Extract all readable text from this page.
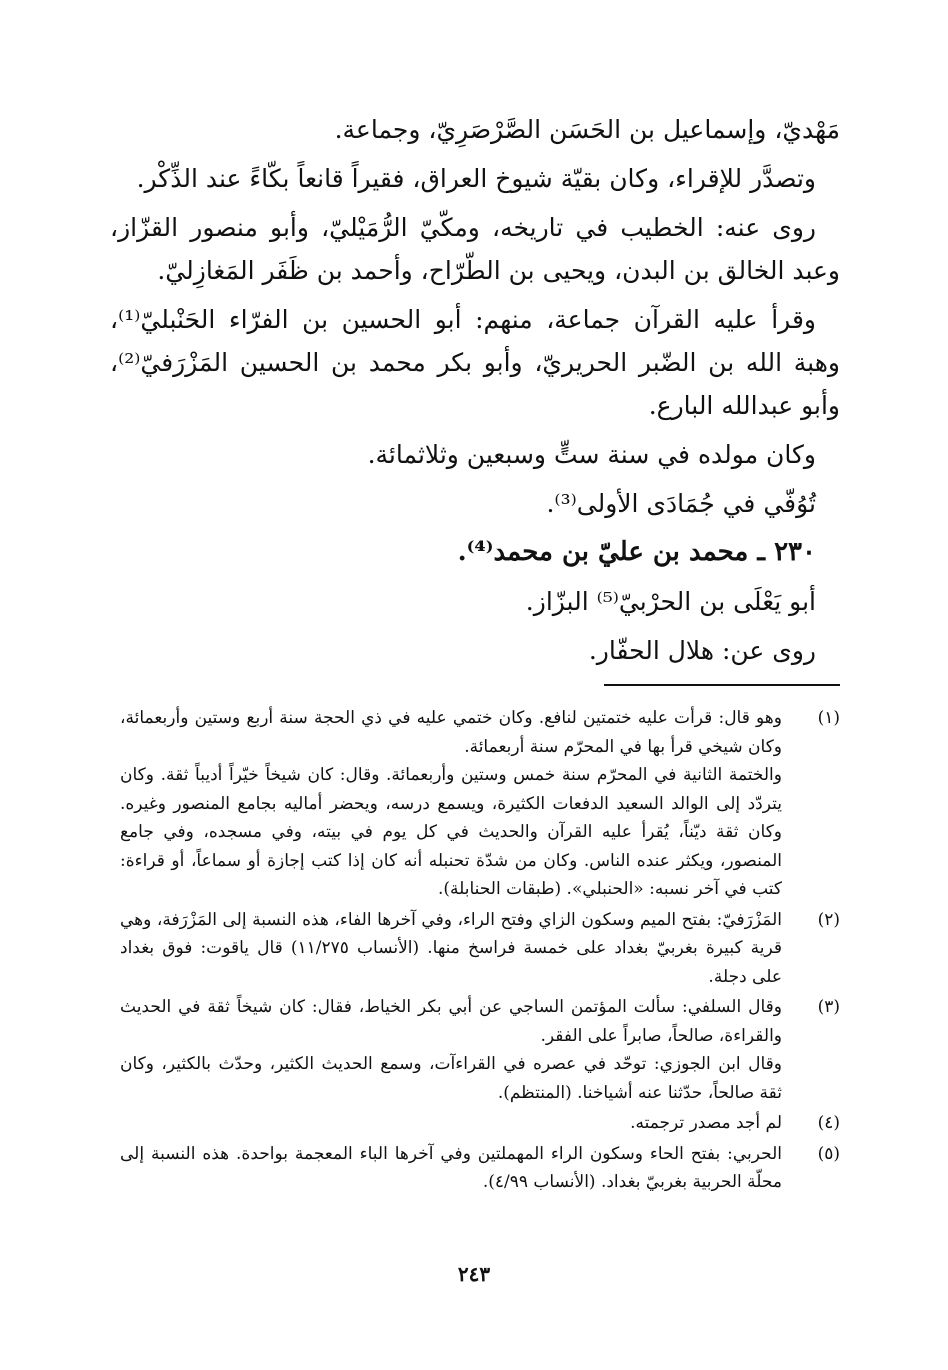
مَهْديّ، وإسماعيل بن الحَسَن الصَّرْصَرِيّ، وجماعة.

وتصدَّر للإقراء، وكان بقيّة شيوخ العراق، فقيراً قانعاً بكّاءً عند الذِّكْر.

روى عنه: الخطيب في تاريخه، ومكّيّ الرُّمَيْليّ، وأبو منصور القزّاز، وعبد الخالق بن البدن، ويحيى بن الطّرّاح، وأحمد بن ظَفَر المَغازِليّ.

وقرأ عليه القرآن جماعة، منهم: أبو الحسين بن الفرّاء الحَنْبليّ⁽¹⁾، وهبة الله بن الضّبر الحريريّ، وأبو بكر محمد بن الحسين المَزْرَفيّ⁽²⁾، وأبو عبدالله البارع.

وكان مولده في سنة ستٍّ وسبعين وثلاثمائة.

تُوُفّي في جُمَادَى الأولى⁽³⁾.

٢٣٠ ـ محمد بن عليّ بن محمد⁽⁴⁾.

أبو يَعْلَى بن الحرْبيّ⁽⁵⁾ البزّاز.

روى عن: هلال الحفّار.

(١)

وهو قال: قرأت عليه ختمتين لنافع. وكان ختمي عليه في ذي الحجة سنة أربع وستين وأربعمائة، وكان شيخي قرأ بها في المحرّم سنة أربعمائة.

والختمة الثانية في المحرّم سنة خمس وستين وأربعمائة. وقال: كان شيخاً خيّراً أديباً ثقة. وكان يتردّد إلى الوالد السعيد الدفعات الكثيرة، ويسمع درسه، ويحضر أماليه بجامع المنصور وغيره. وكان ثقة ديّناً، يُقرأ عليه القرآن والحديث في كل يوم في بيته، وفي مسجده، وفي جامع المنصور، ويكثر عنده الناس. وكان من شدّة تحنبله أنه كان إذا كتب إجازة أو سماعاً، أو قراءة: كتب في آخر نسبه: «الحنبلي». (طبقات الحنابلة).

(٢)

المَزْرَفيّ: بفتح الميم وسكون الزاي وفتح الراء، وفي آخرها الفاء، هذه النسبة إلى المَزْرَفة، وهي قرية كبيرة بغربيّ بغداد على خمسة فراسخ منها. (الأنساب ١١/٢٧٥) قال ياقوت: فوق بغداد على دجلة.

(٣)

وقال السلفي: سألت المؤتمن الساجي عن أبي بكر الخياط، فقال: كان شيخاً ثقة في الحديث والقراءة، صالحاً، صابراً على الفقر.

وقال ابن الجوزي: توحّد في عصره في القراءآت، وسمع الحديث الكثير، وحدّث بالكثير، وكان ثقة صالحاً، حدّثنا عنه أشياخنا. (المنتظم).

(٤)

لم أجد مصدر ترجمته.

(٥)

الحربي: بفتح الحاء وسكون الراء المهملتين وفي آخرها الباء المعجمة بواحدة. هذه النسبة إلى محلّة الحربية بغربيّ بغداد. (الأنساب ٤/٩٩).

٢٤٣
